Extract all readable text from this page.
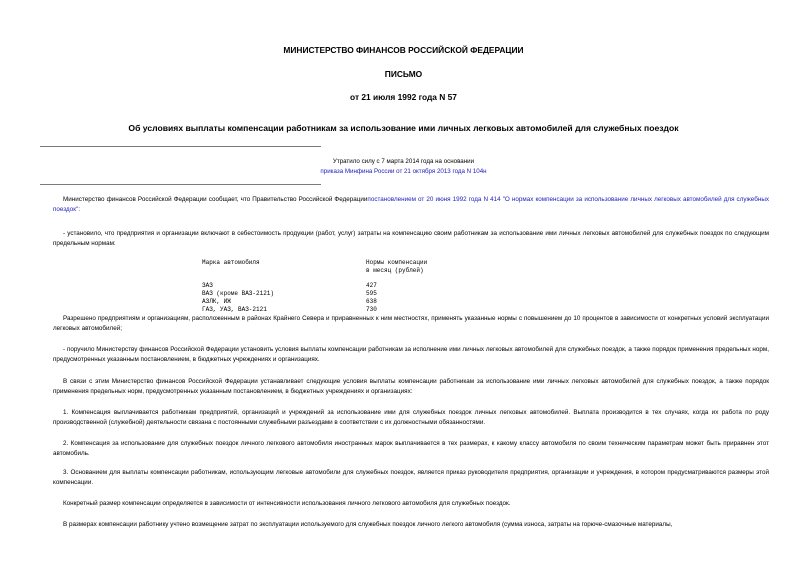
МИНИСТЕРСТВО ФИНАНСОВ РОССИЙСКОЙ ФЕДЕРАЦИИ
ПИСЬМО
от 21 июля 1992 года N 57
Об условиях выплаты компенсации работникам за использование ими личных легковых автомобилей для служебных поездок
Утратило силу с 7 марта 2014 года на основании
приказа Минфина России от 21 октября 2013 года N 104н

Министерство финансов Российской Федерации сообщает, что Правительство Российской Федерациипостановлением от 20 июня 1992 года N 414 "О нормах компенсации за использование личных легковых автомобилей для служебных поездок":

- установило, что предприятия и организации включают в себестоимость продукции (работ, услуг) затраты на компенсацию своим работникам за использование ими личных легковых автомобилей для служебных поездок по следующим предельным нормам:

Марка автомобиля	Нормы компенсации
в месяц (рублей)
ЗАЗ	427
ВАЗ (кроме ВАЗ-2121)	595
АЗЛК, ИЖ	638
ГАЗ, УАЗ, ВАЗ-2121	730

Разрешено предприятиям и организациям, расположенным в районах Крайнего Севера и приравненных к ним местностях, применять указанные нормы с повышением до 10 процентов в зависимости от конкретных условий эксплуатации легковых автомобилей;

- поручило Министерству финансов Российской Федерации установить условия выплаты компенсации работникам за исполнение ими личных легковых автомобилей для служебных поездок, а также порядок применения предельных норм, предусмотренных указанным постановлением, в бюджетных учреждениях и организациях.

В связи с этим Министерство финансов Российской Федерации устанавливает следующие условия выплаты компенсации работникам за использование ими личных легковых автомобилей для служебных поездок, а также порядок применения предельных норм, предусмотренных указанным постановлением, в бюджетных учреждениях и организациях:

1. Компенсация выплачивается работникам предприятий, организаций и учреждений за использование ими для служебных поездок личных легковых автомобилей. Выплата производится в тех случаях, когда их работа по роду производственной (служебной) деятельности связана с постоянными служебными разъездами в соответствии с их должностными обязанностями.

2. Компенсация за использование для служебных поездок личного легкового автомобиля иностранных марок выплачивается в тех размерах, к какому классу автомобиля по своим техническим параметрам может быть приравнен этот автомобиль.

3. Основанием для выплаты компенсации работникам, использующим легковые автомобили для служебных поездок, является приказ руководителя предприятия, организации и учреждения, в котором предусматриваются размеры этой компенсации.

Конкретный размер компенсации определяется в зависимости от интенсивности использования личного легкового автомобиля для служебных поездок.

В размерах компенсации работнику учтено возмещение затрат по эксплуатации используемого для служебных поездок личного легкого автомобиля (сумма износа, затраты на горюче-смазочные материалы,
